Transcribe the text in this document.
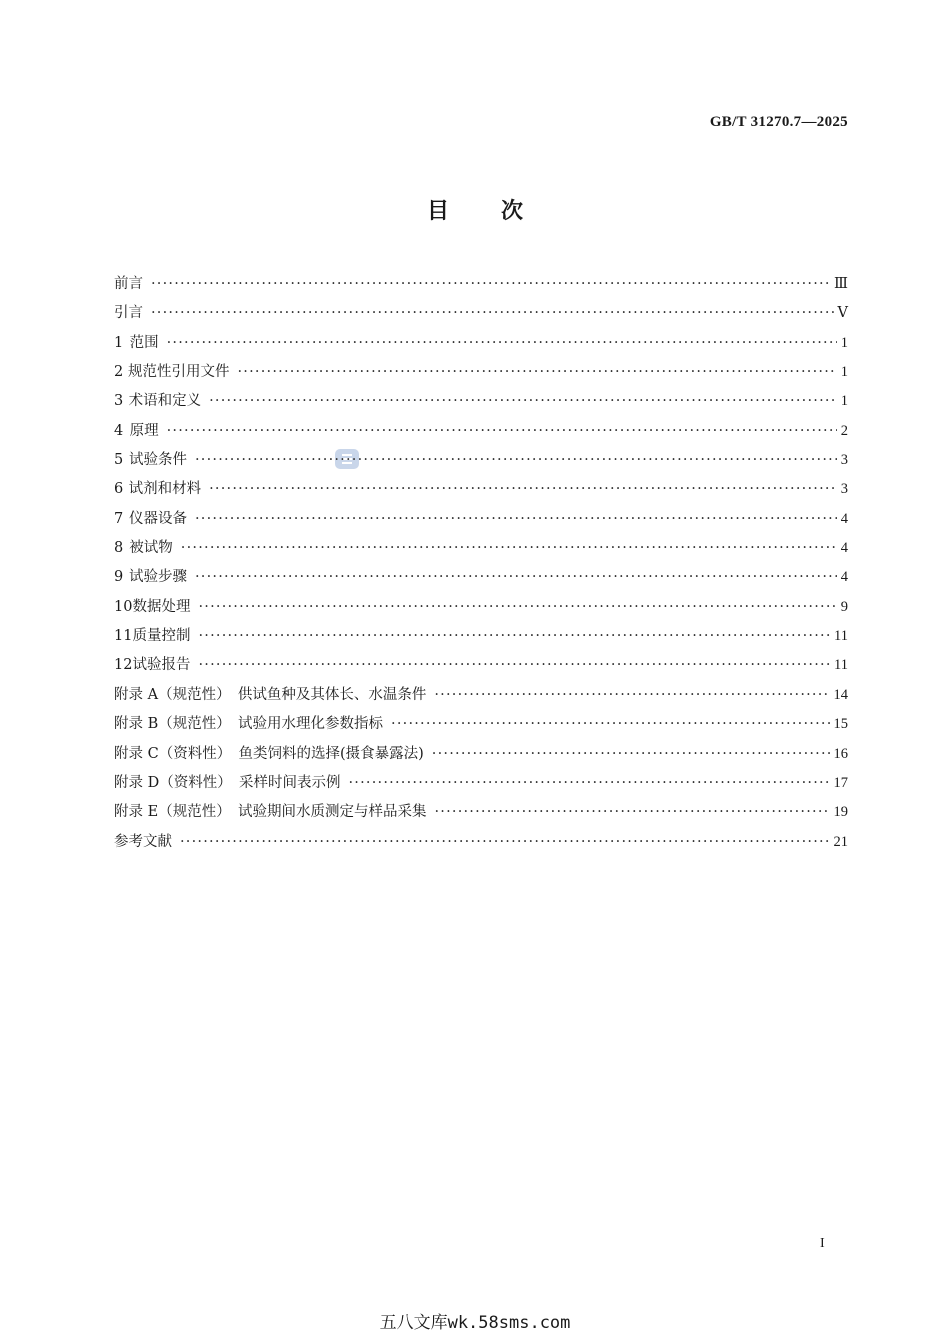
GB/T 31270.7—2025
目 次
前言 ·····	Ⅲ
引言 ·····	Ⅴ
1 范围 ·····	1
2 规范性引用文件 ·····	1
3 术语和定义 ·····	1
4 原理 ·····	2
5 试验条件 ·····	3
6 试剂和材料 ·····	3
7 仪器设备 ·····	4
8 被试物 ·····	4
9 试验步骤 ·····	4
10 数据处理 ·····	9
11 质量控制 ·····	11
12 试验报告 ·····	11
附录 A（规范性）　供试鱼种及其体长、水温条件 ·····	14
附录 B（规范性）　试验用水理化参数指标 ·····	15
附录 C（资料性）　鱼类饲料的选择(摄食暴露法) ·····	16
附录 D（资料性）　采样时间表示例 ·····	17
附录 E（规范性）　试验期间水质测定与样品采集 ·····	19
参考文献 ·····	21
I
五八文库wk.58sms.com
